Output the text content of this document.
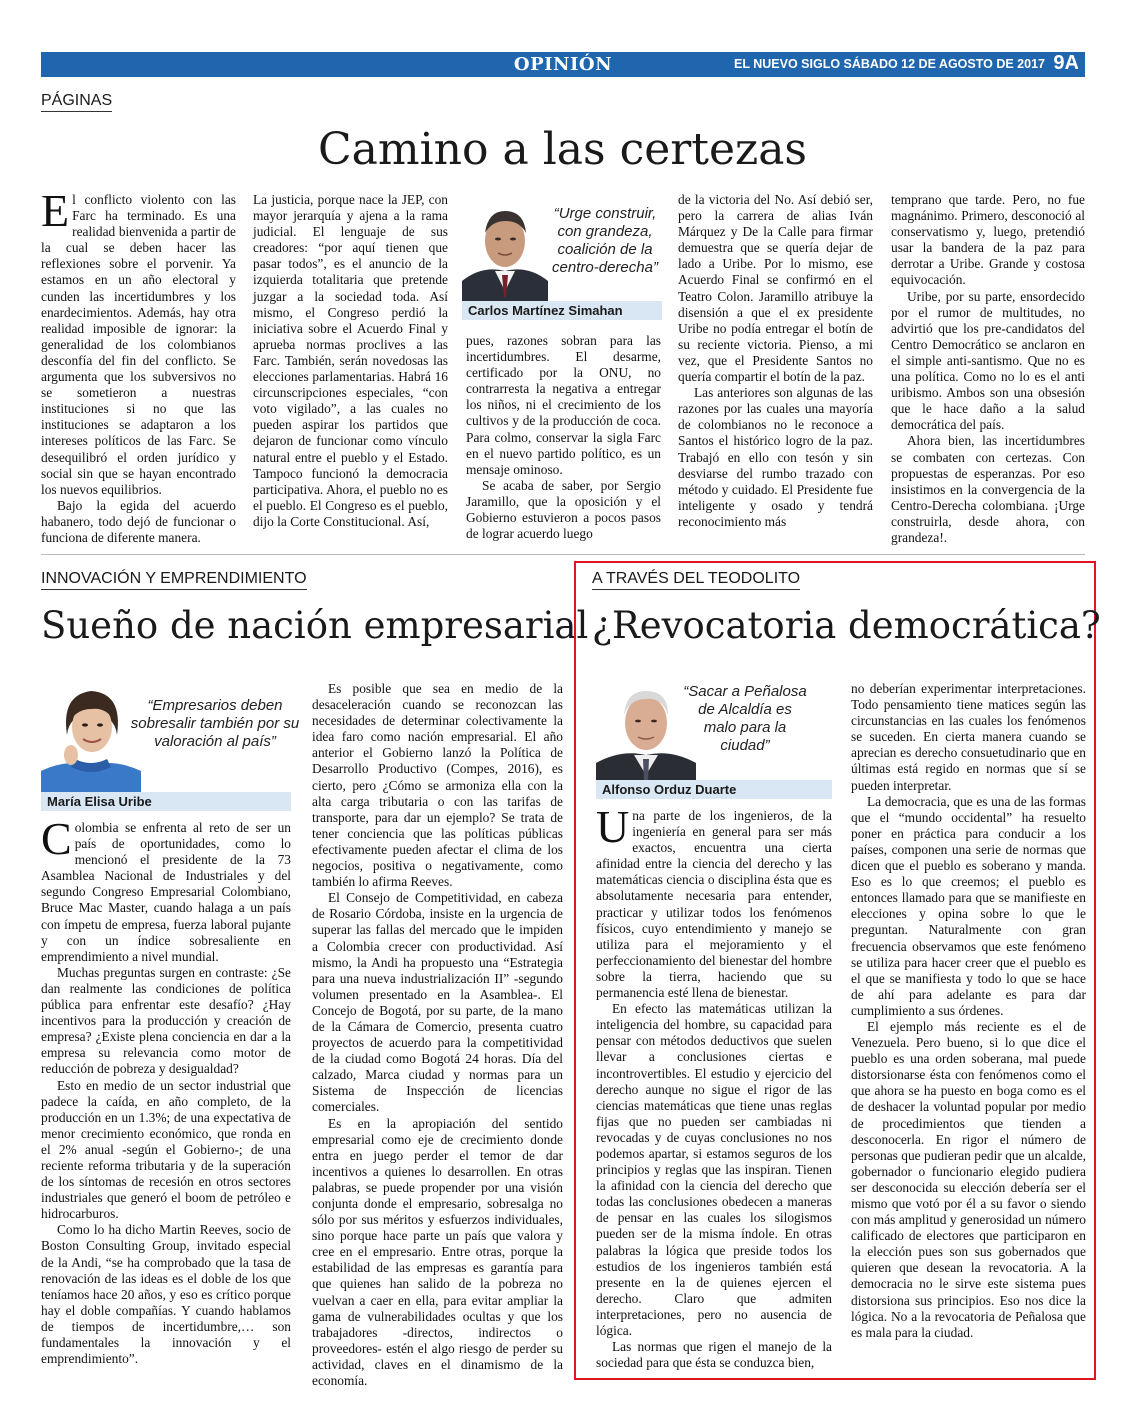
OPINIÓN	EL NUEVO SIGLO SÁBADO 12 DE AGOSTO DE 2017 9A
PÁGINAS
Camino a las certezas

El conflicto violento con las Farc ha terminado. Es una realidad bienvenida a partir de la cual se deben hacer las reflexiones sobre el porvenir. Ya estamos en un año electoral y cunden las incertidumbres y los enardecimientos. Además, hay otra realidad imposible de ignorar: la generalidad de los colombianos desconfía del fin del conflicto. Se argumenta que los subversivos no se sometieron a nuestras instituciones si no que las instituciones se adaptaron a los intereses políticos de las Farc. Se desequilibró el orden jurídico y social sin que se hayan encontrado los nuevos equilibrios.

Bajo la egida del acuerdo habanero, todo dejó de funcionar o funciona de diferente manera.

La justicia, porque nace la JEP, con mayor jerarquía y ajena a la rama judicial. El lenguaje de sus creadores: “por aquí tienen que pasar todos”, es el anuncio de la izquierda totalitaria que pretende juzgar a la sociedad toda. Así mismo, el Congreso perdió la iniciativa sobre el Acuerdo Final y aprueba normas proclives a las Farc. También, serán novedosas las elecciones parlamentarias. Habrá 16 circunscripciones especiales, “con voto vigilado”, a las cuales no pueden aspirar los partidos que dejaron de funcionar como vínculo natural entre el pueblo y el Estado. Tampoco funcionó la democracia participativa. Ahora, el pueblo no es el pueblo. El Congreso es el pueblo, dijo la Corte Constitucional. Así,

“Urge construir, con grandeza, coalición de la centro-derecha”
Carlos Martínez Simahan

pues, razones sobran para las incertidumbres. El desarme, certificado por la ONU, no contrarresta la negativa a entregar los niños, ni el crecimiento de los cultivos y de la producción de coca. Para colmo, conservar la sigla Farc en el nuevo partido político, es un mensaje ominoso.

Se acaba de saber, por Sergio Jaramillo, que la oposición y el Gobierno estuvieron a pocos pasos de lograr acuerdo luego

de la victoria del No. Así debió ser, pero la carrera de alias Iván Márquez y De la Calle para firmar demuestra que se quería dejar de lado a Uribe. Por lo mismo, ese Acuerdo Final se confirmó en el Teatro Colon. Jaramillo atribuye la disensión a que el ex presidente Uribe no podía entregar el botín de su reciente victoria. Pienso, a mi vez, que el Presidente Santos no quería compartir el botín de la paz.

Las anteriores son algunas de las razones por las cuales una mayoría de colombianos no le reconoce a Santos el histórico logro de la paz. Trabajó en ello con tesón y sin desviarse del rumbo trazado con método y cuidado. El Presidente fue inteligente y osado y tendrá reconocimiento más

temprano que tarde. Pero, no fue magnánimo. Primero, desconoció al conservatismo y, luego, pretendió usar la bandera de la paz para derrotar a Uribe. Grande y costosa equivocación.

Uribe, por su parte, ensordecido por el rumor de multitudes, no advirtió que los pre-candidatos del Centro Democrático se anclaron en el simple anti-santismo. Que no es una política. Como no lo es el anti uribismo. Ambos son una obsesión que le hace daño a la salud democrática del país.

Ahora bien, las incertidumbres se combaten con certezas. Con propuestas de esperanzas. Por eso insistimos en la convergencia de la Centro-Derecha colombiana. ¡Urge construirla, desde ahora, con grandeza!.

INNOVACIÓN Y EMPRENDIMIENTO
Sueño de nación empresarial
“Empresarios deben sobresalir también por su valoración al país”
María Elisa Uribe

Colombia se enfrenta al reto de ser un país de oportunidades, como lo mencionó el presidente de la 73 Asamblea Nacional de Industriales y del segundo Congreso Empresarial Colombiano, Bruce Mac Master, cuando halaga a un país con ímpetu de empresa, fuerza laboral pujante y con un índice sobresaliente en emprendimiento a nivel mundial.

Muchas preguntas surgen en contraste: ¿Se dan realmente las condiciones de política pública para enfrentar este desafío? ¿Hay incentivos para la producción y creación de empresa? ¿Existe plena conciencia en dar a la empresa su relevancia como motor de reducción de pobreza y desigualdad?

Esto en medio de un sector industrial que padece la caída, en año completo, de la producción en un 1.3%; de una expectativa de menor crecimiento económico, que ronda en el 2% anual -según el Gobierno-; de una reciente reforma tributaria y de la superación de los síntomas de recesión en otros sectores industriales que generó el boom de petróleo e hidrocarburos.

Como lo ha dicho Martin Reeves, socio de Boston Consulting Group, invitado especial de la Andi, “se ha comprobado que la tasa de renovación de las ideas es el doble de los que teníamos hace 20 años, y eso es crítico porque hay el doble compañías. Y cuando hablamos de tiempos de incertidumbre,… son fundamentales la innovación y el emprendimiento”.

Es posible que sea en medio de la desaceleración cuando se reconozcan las necesidades de determinar colectivamente la idea faro como nación empresarial. El año anterior el Gobierno lanzó la Política de Desarrollo Productivo (Compes, 2016), es cierto, pero ¿Cómo se armoniza ella con la alta carga tributaria o con las tarifas de transporte, para dar un ejemplo? Se trata de tener conciencia que las políticas públicas efectivamente pueden afectar el clima de los negocios, positiva o negativamente, como también lo afirma Reeves.

El Consejo de Competitividad, en cabeza de Rosario Córdoba, insiste en la urgencia de superar las fallas del mercado que le impiden a Colombia crecer con productividad. Así mismo, la Andi ha propuesto una “Estrategia para una nueva industrialización II” -segundo volumen presentado en la Asamblea-. El Concejo de Bogotá, por su parte, de la mano de la Cámara de Comercio, presenta cuatro proyectos de acuerdo para la competitividad de la ciudad como Bogotá 24 horas. Día del calzado, Marca ciudad y normas para un Sistema de Inspección de licencias comerciales.

Es en la apropiación del sentido empresarial como eje de crecimiento donde entra en juego perder el temor de dar incentivos a quienes lo desarrollen. En otras palabras, se puede propender por una visión conjunta donde el empresario, sobresalga no sólo por sus méritos y esfuerzos individuales, sino porque hace parte un país que valora y cree en el empresario. Entre otras, porque la estabilidad de las empresas es garantía para que quienes han salido de la pobreza no vuelvan a caer en ella, para evitar ampliar la gama de vulnerabilidades ocultas y que los trabajadores -directos, indirectos o proveedores- estén el algo riesgo de perder su actividad, claves en el dinamismo de la economía.

A TRAVÉS DEL TEODOLITO
¿Revocatoria democrática?
“Sacar a Peñalosa de Alcaldía es malo para la ciudad”
Alfonso Orduz Duarte

Una parte de los ingenieros, de la ingeniería en general para ser más exactos, encuentra una cierta afinidad entre la ciencia del derecho y las matemáticas ciencia o disciplina ésta que es absolutamente necesaria para entender, practicar y utilizar todos los fenómenos físicos, cuyo entendimiento y manejo se utiliza para el mejoramiento y el perfeccionamiento del bienestar del hombre sobre la tierra, haciendo que su permanencia esté llena de bienestar.

En efecto las matemáticas utilizan la inteligencia del hombre, su capacidad para pensar con métodos deductivos que suelen llevar a conclusiones ciertas e incontrovertibles. El estudio y ejercicio del derecho aunque no sigue el rigor de las ciencias matemáticas que tiene unas reglas fijas que no pueden ser cambiadas ni revocadas y de cuyas conclusiones no nos podemos apartar, si estamos seguros de los principios y reglas que las inspiran. Tienen la afinidad con la ciencia del derecho que todas las conclusiones obedecen a maneras de pensar en las cuales los silogismos pueden ser de la misma índole. En otras palabras la lógica que preside todos los estudios de los ingenieros también está presente en la de quienes ejercen el derecho. Claro que admiten interpretaciones, pero no ausencia de lógica.

Las normas que rigen el manejo de la sociedad para que ésta se conduzca bien,

no deberían experimentar interpretaciones. Todo pensamiento tiene matices según las circunstancias en las cuales los fenómenos se suceden. En cierta manera cuando se aprecian es derecho consuetudinario que en últimas está regido en normas que sí se pueden interpretar.

La democracia, que es una de las formas que el “mundo occidental” ha resuelto poner en práctica para conducir a los países, componen una serie de normas que dicen que el pueblo es soberano y manda. Eso es lo que creemos; el pueblo es entonces llamado para que se manifieste en elecciones y opina sobre lo que le preguntan. Naturalmente con gran frecuencia observamos que este fenómeno se utiliza para hacer creer que el pueblo es el que se manifiesta y todo lo que se hace de ahí para adelante es para dar cumplimiento a sus órdenes.

El ejemplo más reciente es el de Venezuela. Pero bueno, si lo que dice el pueblo es una orden soberana, mal puede distorsionarse ésta con fenómenos como el que ahora se ha puesto en boga como es el de deshacer la voluntad popular por medio de procedimientos que tienden a desconocerla. En rigor el número de personas que pudieran pedir que un alcalde, gobernador o funcionario elegido pudiera ser desconocida su elección debería ser el mismo que votó por él a su favor o siendo con más amplitud y generosidad un número calificado de electores que participaron en la elección pues son sus gobernados que quieren que desean la revocatoria. A la democracia no le sirve este sistema pues distorsiona sus principios. Eso nos dice la lógica. No a la revocatoria de Peñalosa que es mala para la ciudad.
